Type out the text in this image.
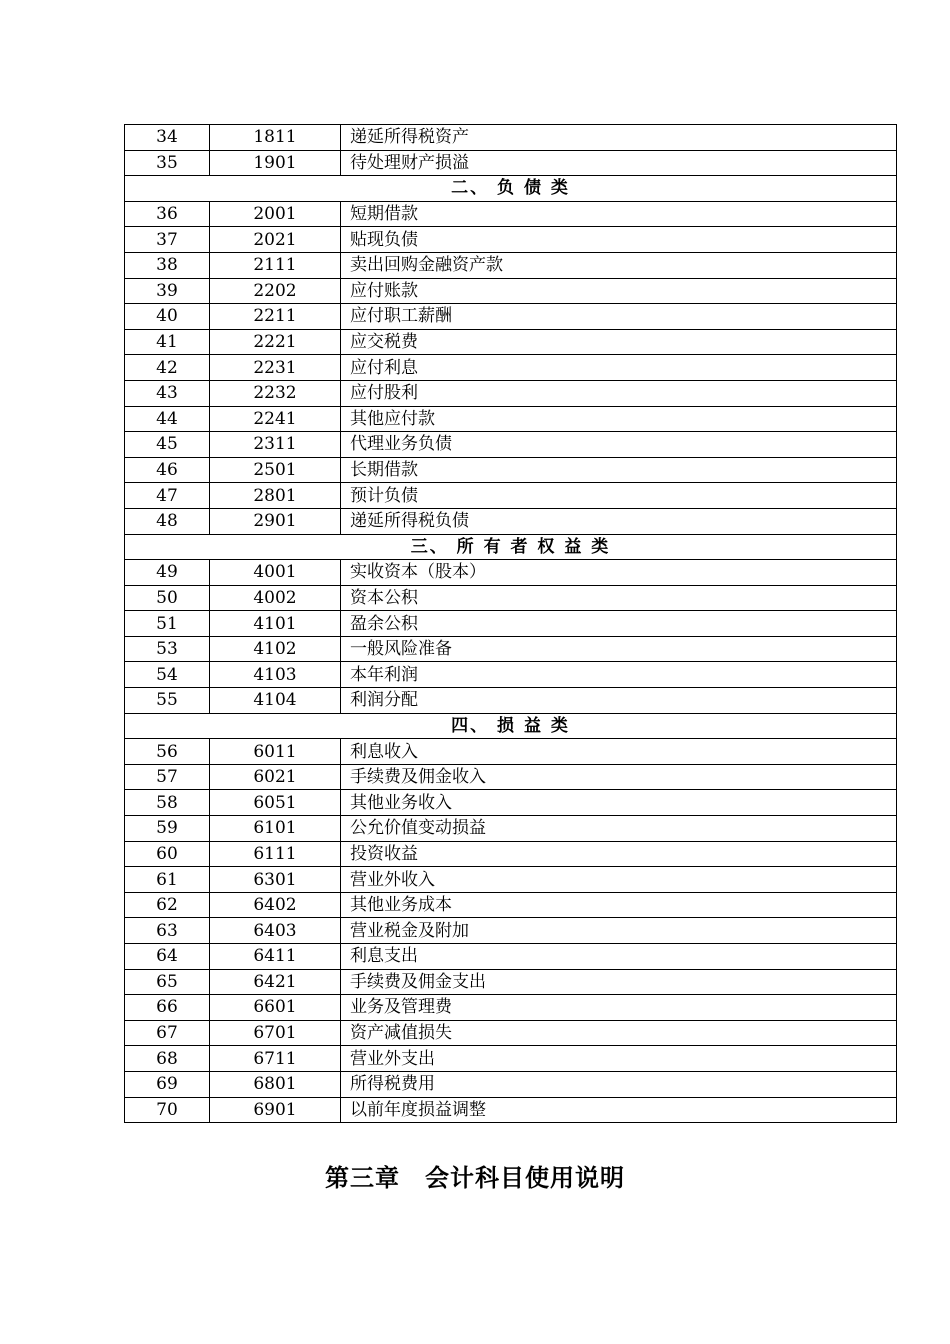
34	1811	递延所得税资产
35	1901	待处理财产损溢
二、 负 债 类		
36	2001	短期借款
37	2021	贴现负债
38	2111	卖出回购金融资产款
39	2202	应付账款
40	2211	应付职工薪酬
41	2221	应交税费
42	2231	应付利息
43	2232	应付股利
44	2241	其他应付款
45	2311	代理业务负债
46	2501	长期借款
47	2801	预计负债
48	2901	递延所得税负债
三、 所 有 者 权 益 类		
49	4001	实收资本（股本）
50	4002	资本公积
51	4101	盈余公积
53	4102	一般风险准备
54	4103	本年利润
55	4104	利润分配
四、 损 益 类		
56	6011	利息收入
57	6021	手续费及佣金收入
58	6051	其他业务收入
59	6101	公允价值变动损益
60	6111	投资收益
61	6301	营业外收入
62	6402	其他业务成本
63	6403	营业税金及附加
64	6411	利息支出
65	6421	手续费及佣金支出
66	6601	业务及管理费
67	6701	资产减值损失
68	6711	营业外支出
69	6801	所得税费用
70	6901	以前年度损益调整
第三章　会计科目使用说明
